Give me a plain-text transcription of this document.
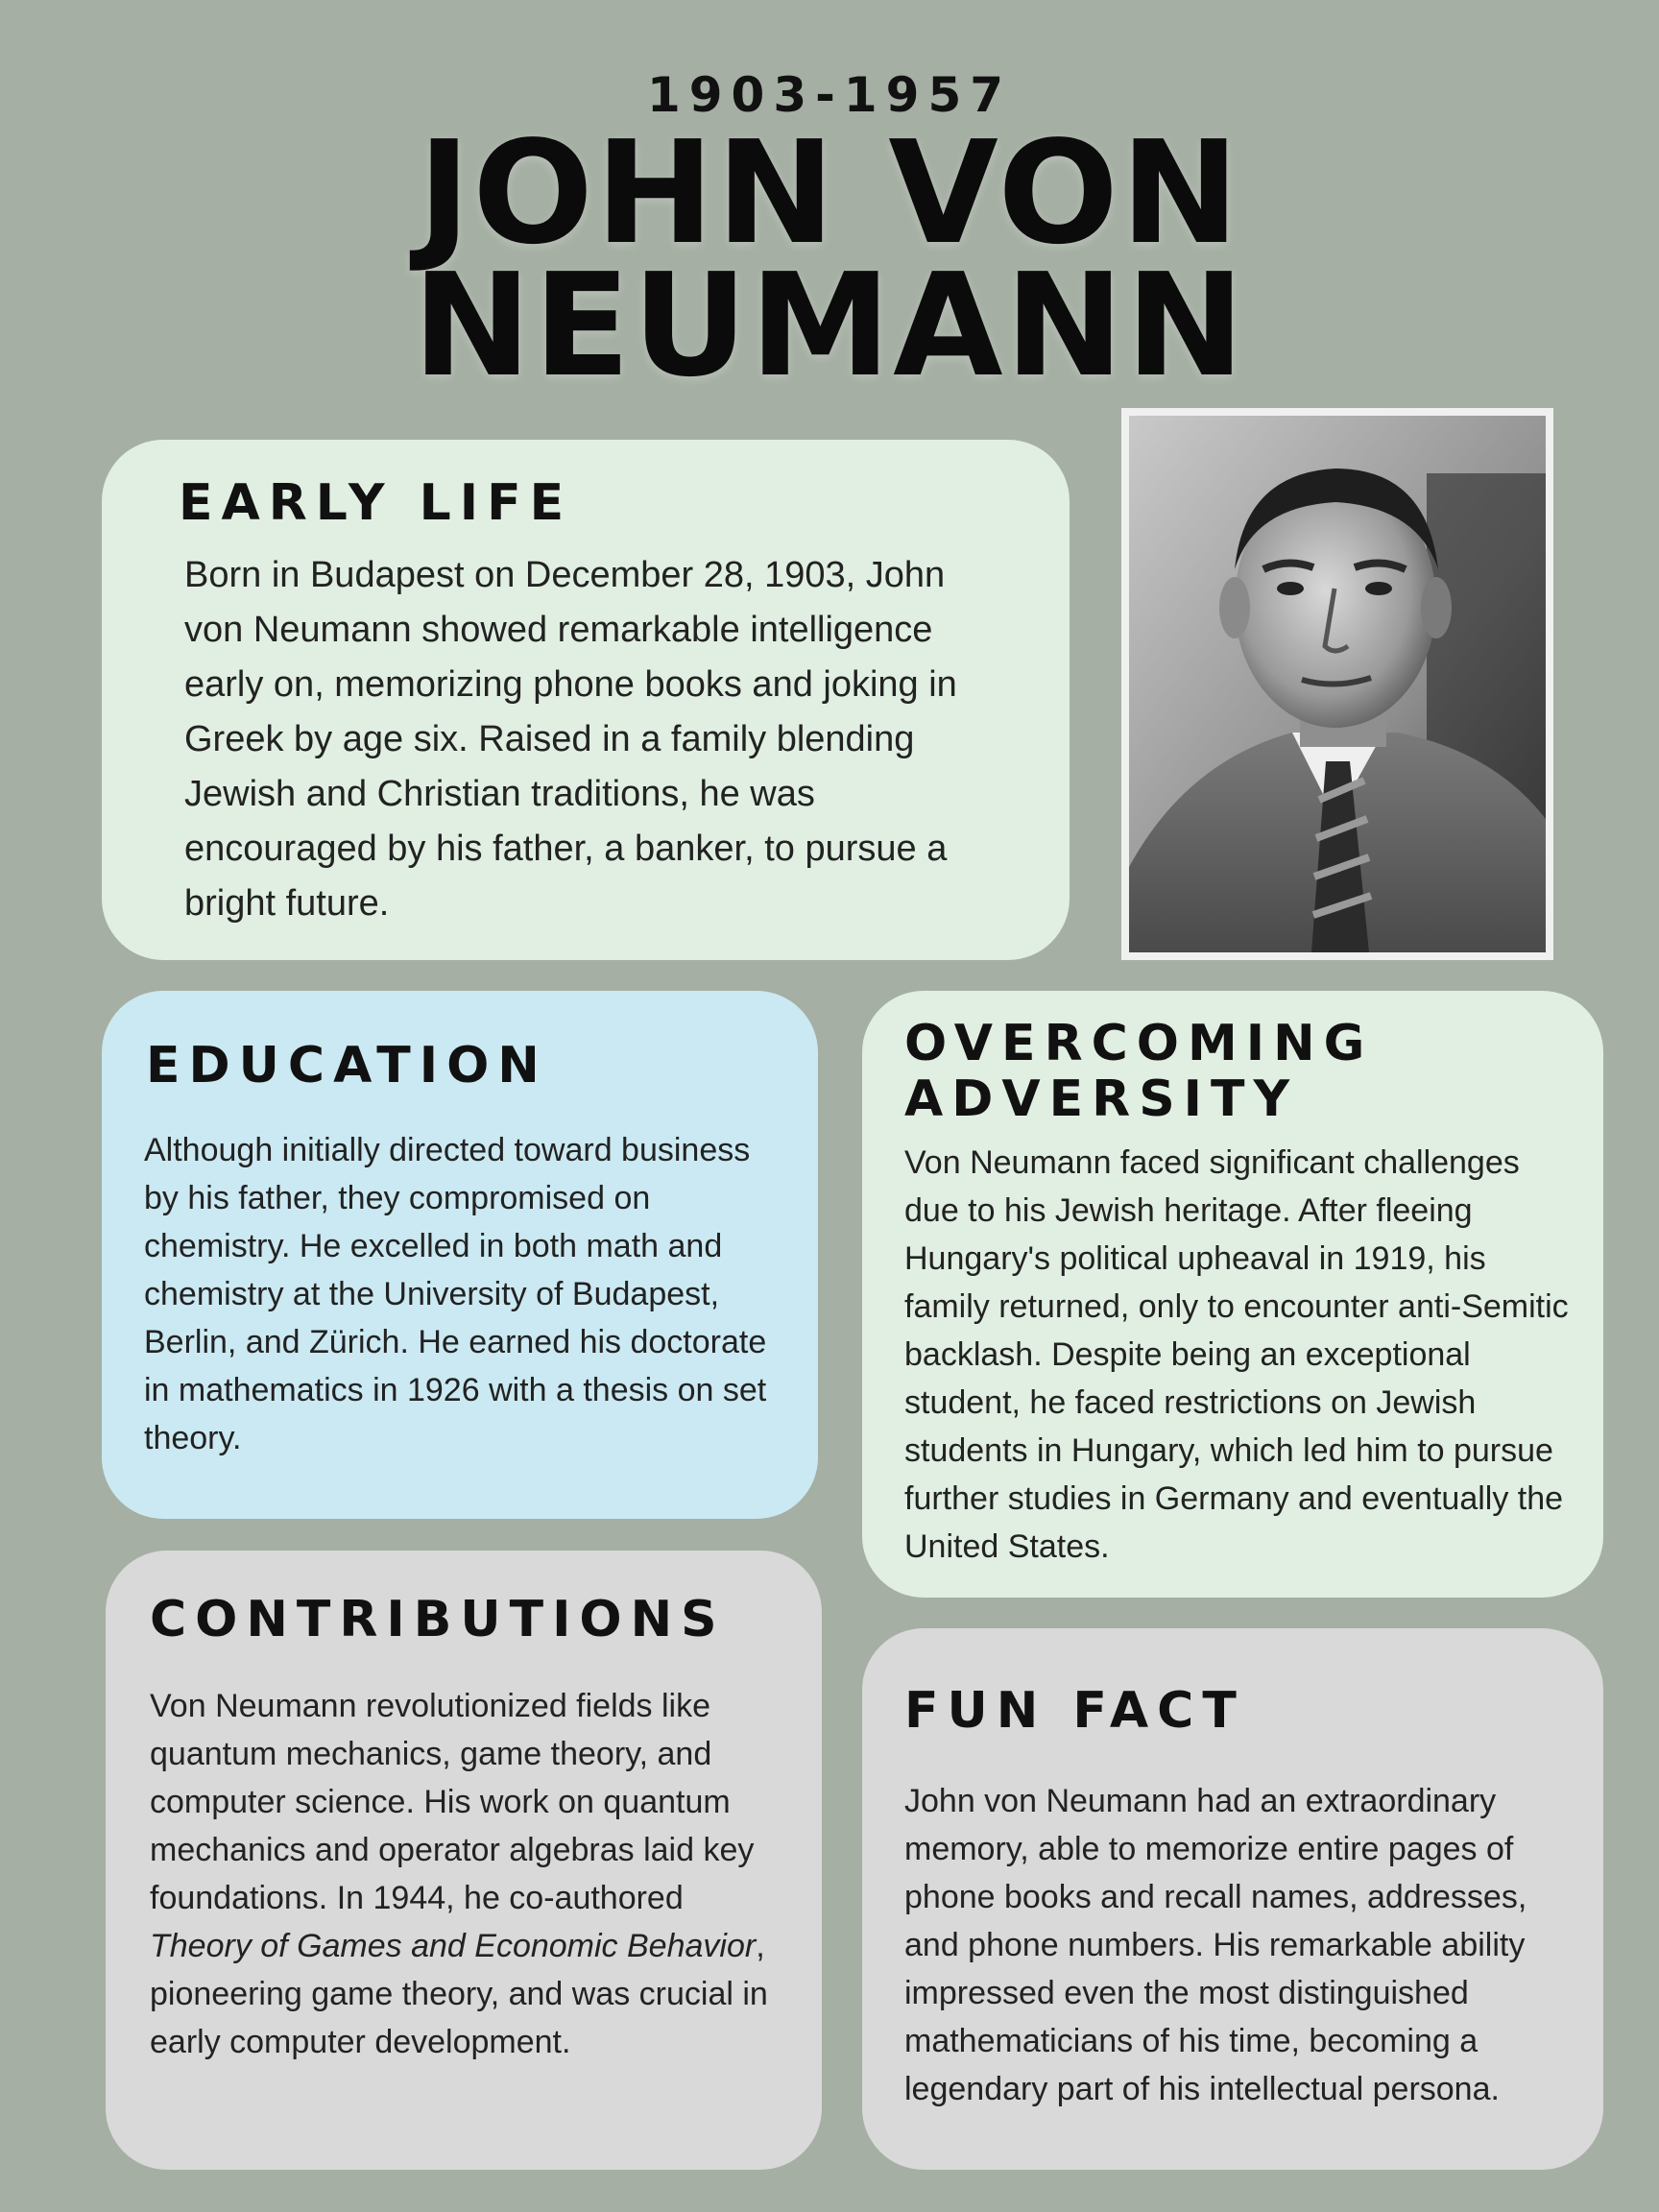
1903-1957
JOHN VON
NEUMANN
EARLY LIFE

Born in Budapest on December 28, 1903, John von Neumann showed remarkable intelligence early on, memorizing phone books and joking in Greek by age six. Raised in a family blending Jewish and Christian traditions, he was encouraged by his father, a banker, to pursue a bright future.

EDUCATION

Although initially directed toward business by his father, they compromised on chemistry. He excelled in both math and chemistry at the University of Budapest, Berlin, and Zürich. He earned his doctorate in mathematics in 1926 with a thesis on set theory.

OVERCOMING
ADVERSITY

Von Neumann faced significant challenges due to his Jewish heritage. After fleeing Hungary's political upheaval in 1919, his family returned, only to encounter anti-Semitic backlash. Despite being an exceptional student, he faced restrictions on Jewish students in Hungary, which led him to pursue further studies in Germany and eventually the United States.

CONTRIBUTIONS

Von Neumann revolutionized fields like quantum mechanics, game theory, and computer science. His work on quantum mechanics and operator algebras laid key foundations. In 1944, he co-authored Theory of Games and Economic Behavior, pioneering game theory, and was crucial in early computer development.

FUN FACT

John von Neumann had an extraordinary memory, able to memorize entire pages of phone books and recall names, addresses, and phone numbers. His remarkable ability impressed even the most distinguished mathematicians of his time, becoming a legendary part of his intellectual persona.
